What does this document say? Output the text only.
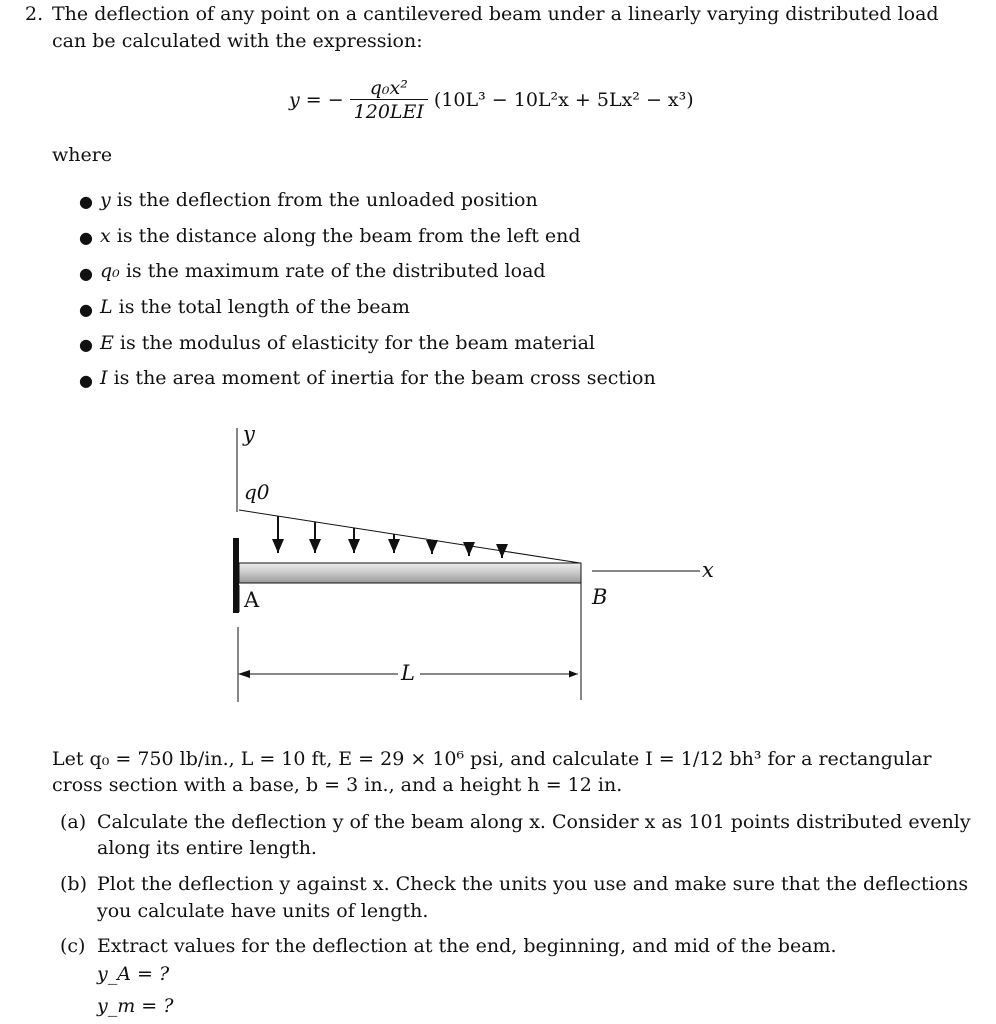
2. The deflection of any point on a cantilevered beam under a linearly varying distributed load
can be calculated with the expression:
y = − $\frac{\text{q₀x²}}{\text{120LEI}} (10L^3 - 10L^2x + 5Lx^2 - x^3)$
where
● y is the deflection from the unloaded position
● x is the distance along the beam from the left end
● q₀ is the maximum rate of the distributed load
● L is the total length of the beam
● E is the modulus of elasticity for the beam material
● I is the area moment of inertia for the beam cross section
y
q0
x
A	B
L
Let q₀ = 750 lb/in., L = 10 ft, E = 29 × 10⁶ psi, and calculate I = 1/12 bh³ for a rectangular
cross section with a base, b = 3 in., and a height h = 12 in.
(a) Calculate the deflection y of the beam along x. Consider x as 101 points distributed evenly
along its entire length.
(b) Plot the deflection y against x. Check the units you use and make sure that the deflections
you calculate have units of length.
(c) Extract values for the deflection at the end, beginning, and mid of the beam.
y_A = ?
y_m = ?
